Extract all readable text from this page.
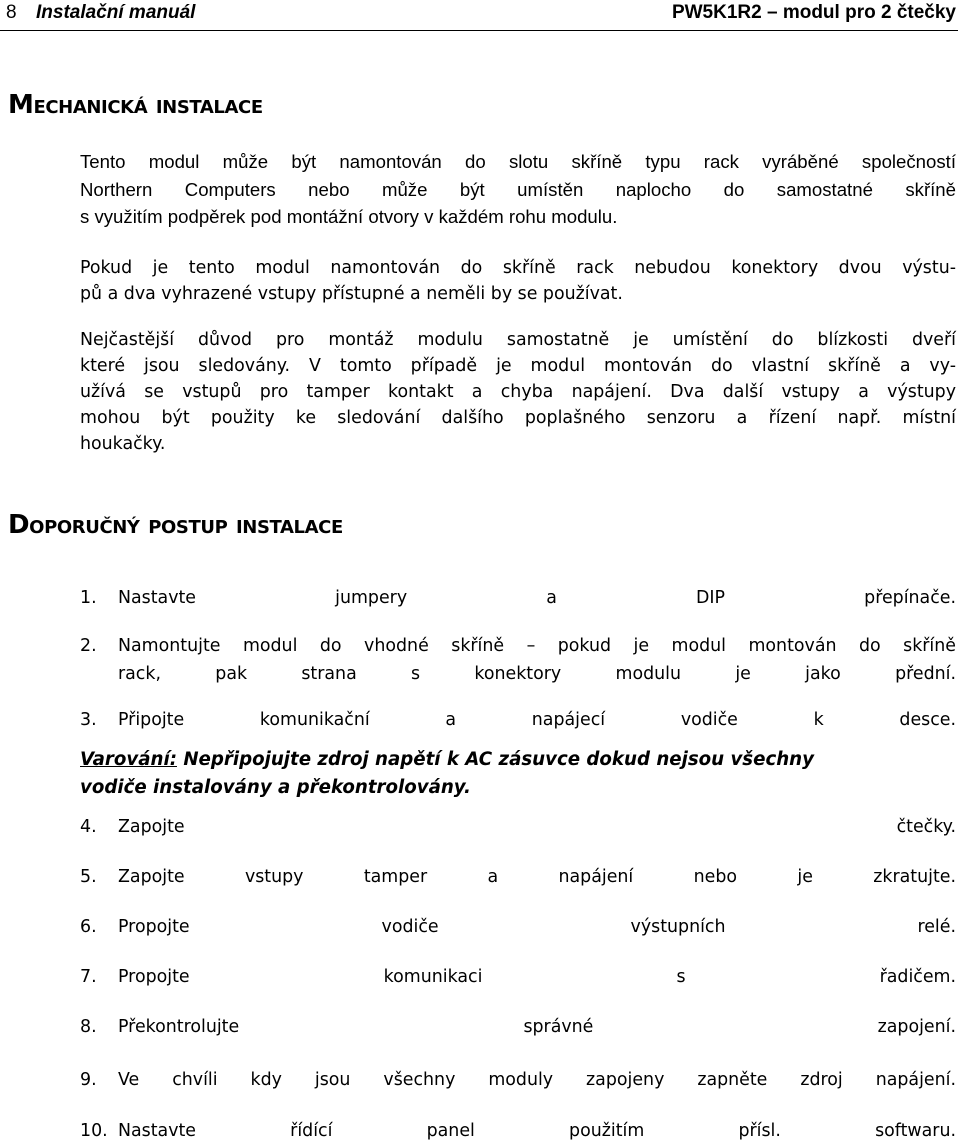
8 Instalační manuál	PW5K1R2 – modul pro 2 čtečky
Mechanická instalace

Tento modul může být namontován do slotu skříně typu rack vyráběné společností
Northern Computers nebo může být umístěn naplocho do samostatné skříně
s využitím podpěrek pod montážní otvory v každém rohu modulu.

Pokud je tento modul namontován do skříně rack nebudou konektory dvou výstu-
pů a dva vyhrazené vstupy přístupné a neměli by se používat.

Nejčastější důvod pro montáž modulu samostatně je umístění do blízkosti dveří
které jsou sledovány. V tomto případě je modul montován do vlastní skříně a vy-
užívá se vstupů pro tamper kontakt a chyba napájení. Dva další vstupy a výstupy
mohou být použity ke sledování dalšího poplašného senzoru a řízení např. místní
houkačky.

Doporučný postup instalace
1.	Nastavte jumpery a DIP přepínače.
2.	Namontujte modul do vhodné skříně – pokud je modul montován do skříně
rack, pak strana s konektory modulu je jako přední.
3.	Připojte komunikační a napájecí vodiče k desce.

Varování: Nepřipojujte zdroj napětí k AC zásuvce dokud nejsou všechny
vodiče instalovány a překontrolovány.

4.	Zapojte čtečky.
5.	Zapojte vstupy tamper a napájení nebo je zkratujte.
6.	Propojte vodiče výstupních relé.
7.	Propojte komunikaci s řadičem.
8.	Překontrolujte správné zapojení.
9.	Ve chvíli kdy jsou všechny moduly zapojeny zapněte zdroj napájení.
10. Nastavte řídící panel použitím přísl. softwaru.
